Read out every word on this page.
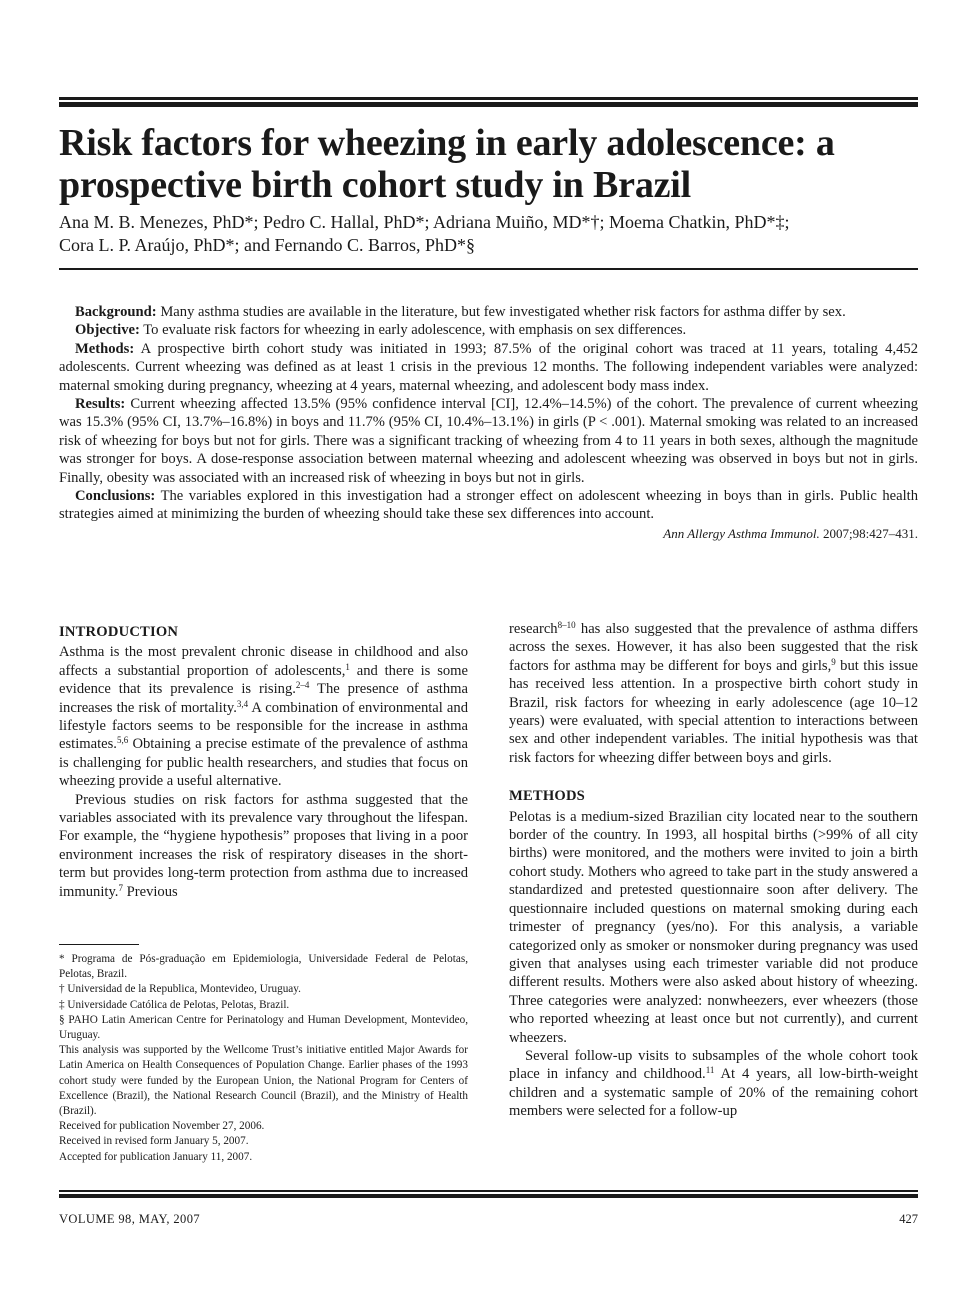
Risk factors for wheezing in early adolescence: a prospective birth cohort study in Brazil
Ana M. B. Menezes, PhD*; Pedro C. Hallal, PhD*; Adriana Muiño, MD*†; Moema Chatkin, PhD*‡;
Cora L. P. Araújo, PhD*; and Fernando C. Barros, PhD*§

Background: Many asthma studies are available in the literature, but few investigated whether risk factors for asthma differ by sex.

Objective: To evaluate risk factors for wheezing in early adolescence, with emphasis on sex differences.

Methods: A prospective birth cohort study was initiated in 1993; 87.5% of the original cohort was traced at 11 years, totaling 4,452 adolescents. Current wheezing was defined as at least 1 crisis in the previous 12 months. The following independent variables were analyzed: maternal smoking during pregnancy, wheezing at 4 years, maternal wheezing, and adolescent body mass index.

Results: Current wheezing affected 13.5% (95% confidence interval [CI], 12.4%–14.5%) of the cohort. The prevalence of current wheezing was 15.3% (95% CI, 13.7%–16.8%) in boys and 11.7% (95% CI, 10.4%–13.1%) in girls (P < .001). Maternal smoking was related to an increased risk of wheezing for boys but not for girls. There was a significant tracking of wheezing from 4 to 11 years in both sexes, although the magnitude was stronger for boys. A dose-response association between maternal wheezing and adolescent wheezing was observed in boys but not in girls. Finally, obesity was associated with an increased risk of wheezing in boys but not in girls.

Conclusions: The variables explored in this investigation had a stronger effect on adolescent wheezing in boys than in girls. Public health strategies aimed at minimizing the burden of wheezing should take these sex differences into account.

Ann Allergy Asthma Immunol. 2007;98:427–431.

INTRODUCTION

Asthma is the most prevalent chronic disease in childhood and also affects a substantial proportion of adolescents,$^1$ and there is some evidence that its prevalence is rising.$^{2-4}$ The presence of asthma increases the risk of mortality.$^{3,4}$ A combination of environmental and lifestyle factors seems to be responsible for the increase in asthma estimates.$^{5,6}$ Obtaining a precise estimate of the prevalence of asthma is challenging for public health researchers, and studies that focus on wheezing provide a useful alternative.

Previous studies on risk factors for asthma suggested that the variables associated with its prevalence vary throughout the lifespan. For example, the “hygiene hypothesis” proposes that living in a poor environment increases the risk of respiratory diseases in the short-term but provides long-term protection from asthma due to increased immunity.$^7$ Previous

* Programa de Pós-graduação em Epidemiologia, Universidade Federal de Pelotas, Pelotas, Brazil.

† Universidad de la Republica, Montevideo, Uruguay.

‡ Universidade Católica de Pelotas, Pelotas, Brazil.

§ PAHO Latin American Centre for Perinatology and Human Development, Montevideo, Uruguay.

This analysis was supported by the Wellcome Trust’s initiative entitled Major Awards for Latin America on Health Consequences of Population Change. Earlier phases of the 1993 cohort study were funded by the European Union, the National Program for Centers of Excellence (Brazil), the National Research Council (Brazil), and the Ministry of Health (Brazil).

Received for publication November 27, 2006.

Received in revised form January 5, 2007.

Accepted for publication January 11, 2007.

research$^{8-10}$ has also suggested that the prevalence of asthma differs across the sexes. However, it has also been suggested that the risk factors for asthma may be different for boys and girls,$^9$ but this issue has received less attention. In a prospective birth cohort study in Brazil, risk factors for wheezing in early adolescence (age 10–12 years) were evaluated, with special attention to interactions between sex and other independent variables. The initial hypothesis was that risk factors for wheezing differ between boys and girls.

METHODS

Pelotas is a medium-sized Brazilian city located near to the southern border of the country. In 1993, all hospital births (>99% of all city births) were monitored, and the mothers were invited to join a birth cohort study. Mothers who agreed to take part in the study answered a standardized and pretested questionnaire soon after delivery. The questionnaire included questions on maternal smoking during each trimester of pregnancy (yes/no). For this analysis, a variable categorized only as smoker or nonsmoker during pregnancy was used given that analyses using each trimester variable did not produce different results. Mothers were also asked about history of wheezing. Three categories were analyzed: nonwheezers, ever wheezers (those who reported wheezing at least once but not currently), and current wheezers.

Several follow-up visits to subsamples of the whole cohort took place in infancy and childhood.$^{11}$ At 4 years, all low-birth-weight children and a systematic sample of 20% of the remaining cohort members were selected for a follow-up

VOLUME 98, MAY, 2007	427
